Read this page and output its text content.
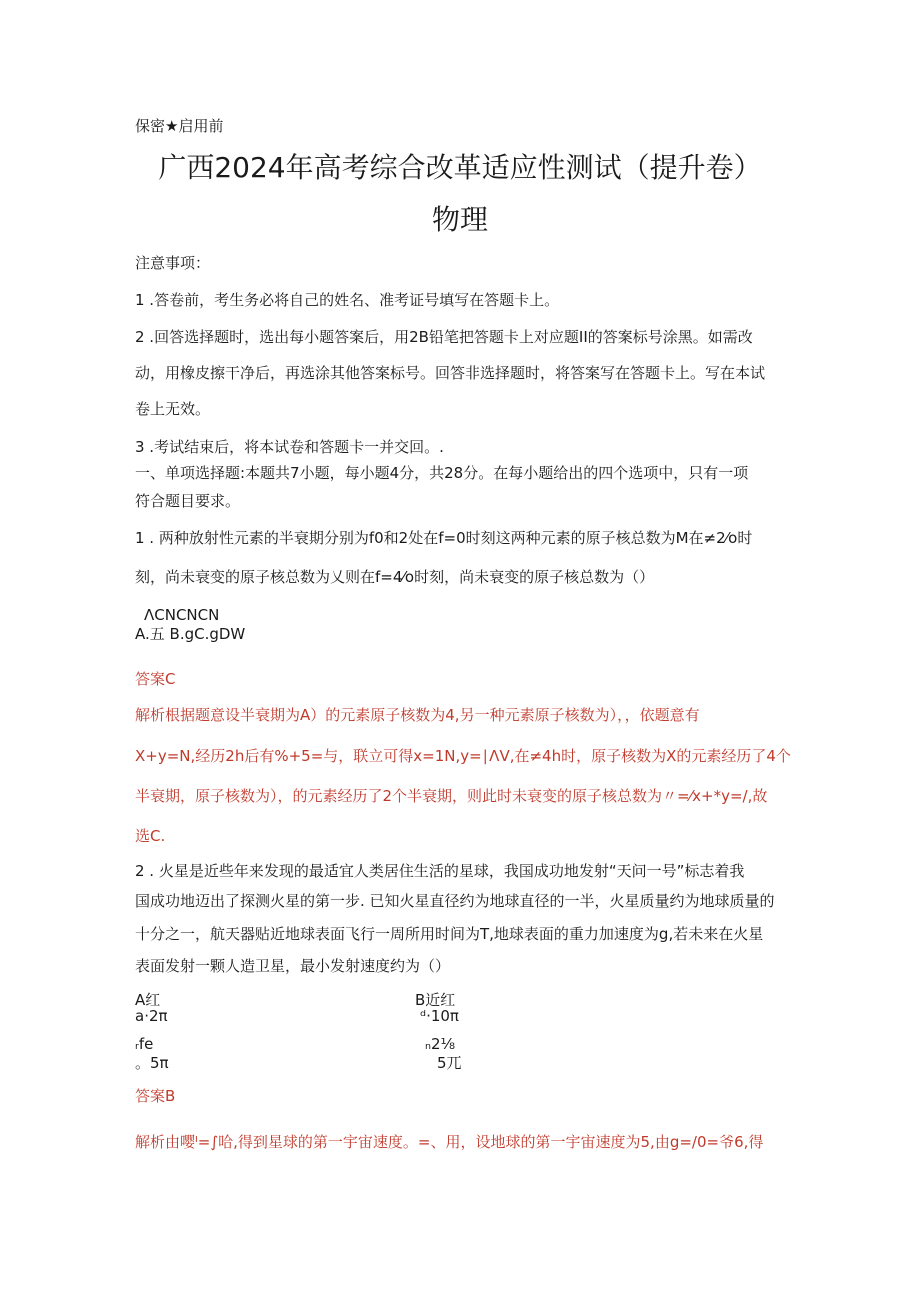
保密★启用前
广西2024年高考综合改革适应性测试（提升卷）
物理
注意事项：
1 .答卷前，考生务必将自己的姓名、准考证号填写在答题卡上。
2 .回答选择题时，选出每小题答案后，用2B铅笔把答题卡上对应题II的答案标号涂黑。如需改
动，用橡皮擦干净后，再选涂其他答案标号。回答非选择题时，将答案写在答题卡上。写在本试
卷上无效。
3 .考试结束后，将本试卷和答题卡一并交回。.
一、单项选择题:本题共7小题，每小题4分，共28分。在每小题给出的四个选项中，只有一项
符合题目要求。
1 . 两种放射性元素的半衰期分别为f0和2处在f=0时刻这两种元素的原子核总数为M在≠2⁄o时
刻，尚未衰变的原子核总数为乂则在f=4⁄o时刻，尚未衰变的原子核总数为（）
ΛCNCNCN
A.五 B.gC.gDW
答案C
解析根据题意设半衰期为A）的元素原子核数为4,另一种元素原子核数为），，依题意有
X+y=N,经历2h后有%+5=与，联立可得x=1N,y=∣ΛV,在≠4h时，原子核数为X的元素经历了4个
半衰期，原子核数为），的元素经历了2个半衰期，则此时未衰变的原子核总数为〃=⁄x+*y=/,故
选C.
2 . 火星是近些年来发现的最适宜人类居住生活的星球，我国成功地发射“天问一号”标志着我
国成功地迈出了探测火星的第一步. 已知火星直径约为地球直径的一半，火星质量约为地球质量的
十分之一，航天器贴近地球表面飞行一周所用时间为T,地球表面的重力加速度为g,若未来在火星
表面发射一颗人造卫星，最小发射速度约为（）
A红
a·2π
B近红
ᵈ·10π
ᵣfe
。5π
ₙ2⅛
5兀
答案B
解析由嘤ᴵ=∫哈,得到星球的第一宇宙速度。=、用，设地球的第一宇宙速度为5,由g=/0=爷6,得
